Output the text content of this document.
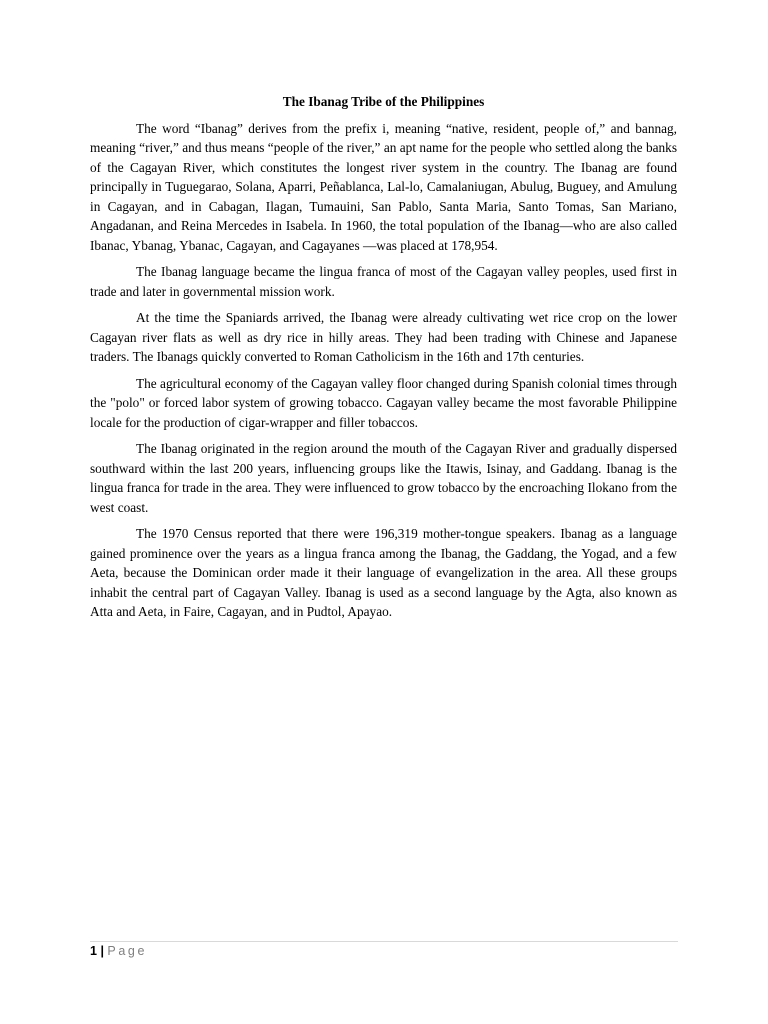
The Ibanag Tribe of the Philippines

The word “Ibanag” derives from the prefix i, meaning “native, resident, people of,” and bannag, meaning “river,” and thus means “people of the river,” an apt name for the people who settled along the banks of the Cagayan River, which constitutes the longest river system in the country. The Ibanag are found principally in Tuguegarao, Solana, Aparri, Peñablanca, Lal-lo, Camalaniugan, Abulug, Buguey, and Amulung in Cagayan, and in Cabagan, Ilagan, Tumauini, San Pablo, Santa Maria, Santo Tomas, San Mariano, Angadanan, and Reina Mercedes in Isabela. In 1960, the total population of the Ibanag—who are also called Ibanac, Ybanag, Ybanac, Cagayan, and Cagayanes —was placed at 178,954.

The Ibanag language became the lingua franca of most of the Cagayan valley peoples, used first in trade and later in governmental mission work.

At the time the Spaniards arrived, the Ibanag were already cultivating wet rice crop on the lower Cagayan river flats as well as dry rice in hilly areas. They had been trading with Chinese and Japanese traders. The Ibanags quickly converted to Roman Catholicism in the 16th and 17th centuries.

The agricultural economy of the Cagayan valley floor changed during Spanish colonial times through the "polo" or forced labor system of growing tobacco. Cagayan valley became the most favorable Philippine locale for the production of cigar-wrapper and filler tobaccos.

The Ibanag originated in the region around the mouth of the Cagayan River and gradually dispersed southward within the last 200 years, influencing groups like the Itawis, Isinay, and Gaddang. Ibanag is the lingua franca for trade in the area. They were influenced to grow tobacco by the encroaching Ilokano from the west coast.

The 1970 Census reported that there were 196,319 mother-tongue speakers. Ibanag as a language gained prominence over the years as a lingua franca among the Ibanag, the Gaddang, the Yogad, and a few Aeta, because the Dominican order made it their language of evangelization in the area. All these groups inhabit the central part of Cagayan Valley. Ibanag is used as a second language by the Agta, also known as Atta and Aeta, in Faire, Cagayan, and in Pudtol, Apayao.

1 | Page
